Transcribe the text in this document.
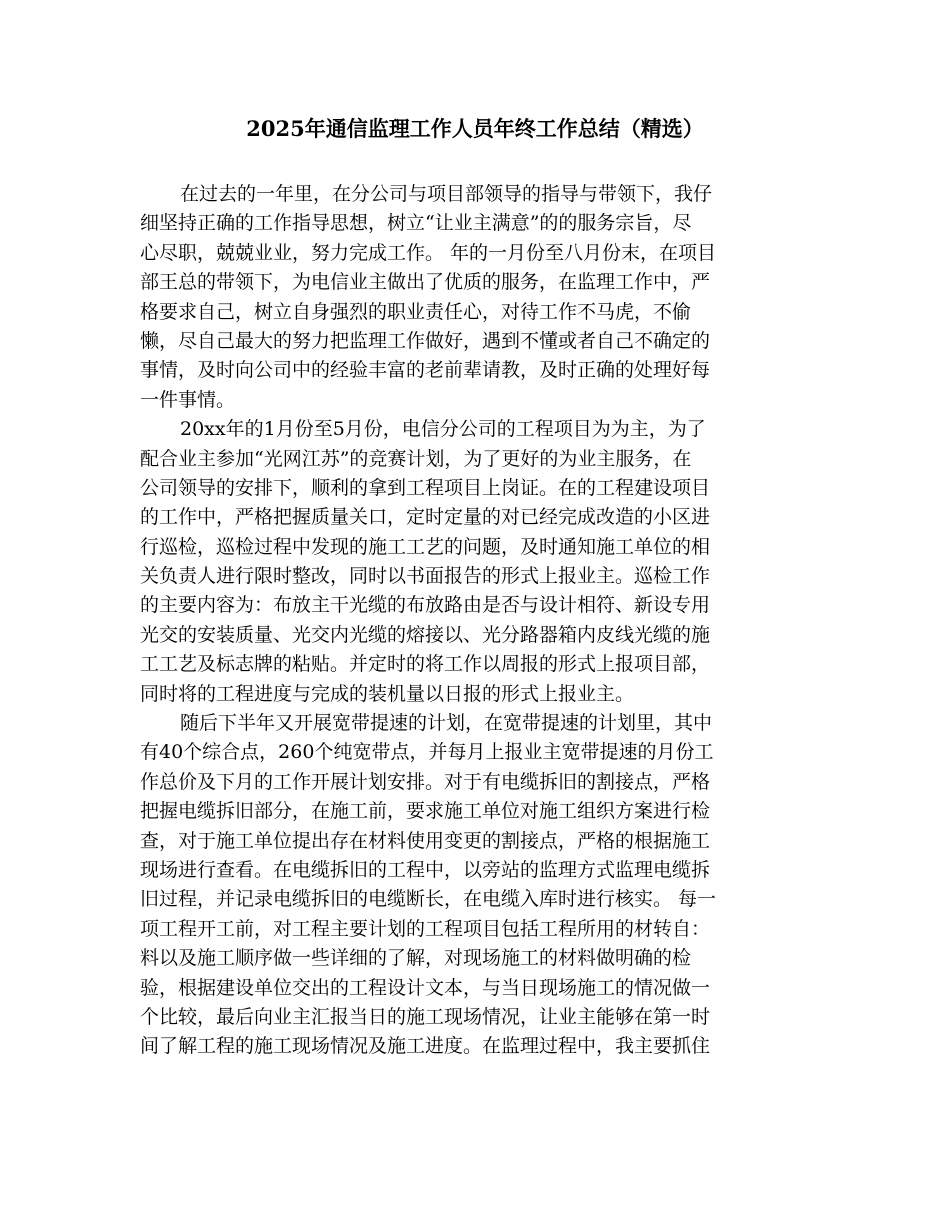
2025年通信监理工作人员年终工作总结（精选）
在过去的一年里，在分公司与项目部领导的指导与带领下，我仔
细坚持正确的工作指导思想，树立“让业主满意”的的服务宗旨，尽
心尽职，兢兢业业，努力完成工作。 年的一月份至八月份末，在项目
部王总的带领下，为电信业主做出了优质的服务，在监理工作中，严
格要求自己，树立自身强烈的职业责任心，对待工作不马虎，不偷
懒，尽自己最大的努力把监理工作做好，遇到不懂或者自己不确定的
事情，及时向公司中的经验丰富的老前辈请教，及时正确的处理好每
一件事情。
20xx年的1月份至5月份，电信分公司的工程项目为为主，为了
配合业主参加“光网江苏”的竞赛计划，为了更好的为业主服务，在
公司领导的安排下，顺利的拿到工程项目上岗证。在的工程建设项目
的工作中，严格把握质量关口，定时定量的对已经完成改造的小区进
行巡检，巡检过程中发现的施工工艺的问题，及时通知施工单位的相
关负责人进行限时整改，同时以书面报告的形式上报业主。巡检工作
的主要内容为：布放主干光缆的布放路由是否与设计相符、新设专用
光交的安装质量、光交内光缆的熔接以、光分路器箱内皮线光缆的施
工工艺及标志牌的粘贴。并定时的将工作以周报的形式上报项目部，
同时将的工程进度与完成的装机量以日报的形式上报业主。
随后下半年又开展宽带提速的计划，在宽带提速的计划里，其中
有40个综合点，260个纯宽带点，并每月上报业主宽带提速的月份工
作总价及下月的工作开展计划安排。对于有电缆拆旧的割接点，严格
把握电缆拆旧部分，在施工前，要求施工单位对施工组织方案进行检
查，对于施工单位提出存在材料使用变更的割接点，严格的根据施工
现场进行查看。在电缆拆旧的工程中，以旁站的监理方式监理电缆拆
旧过程，并记录电缆拆旧的电缆断长，在电缆入库时进行核实。 每一
项工程开工前，对工程主要计划的工程项目包括工程所用的材转自：
料以及施工顺序做一些详细的了解，对现场施工的材料做明确的检
验，根据建设单位交出的工程设计文本，与当日现场施工的情况做一
个比较，最后向业主汇报当日的施工现场情况，让业主能够在第一时
间了解工程的施工现场情况及施工进度。在监理过程中，我主要抓住
